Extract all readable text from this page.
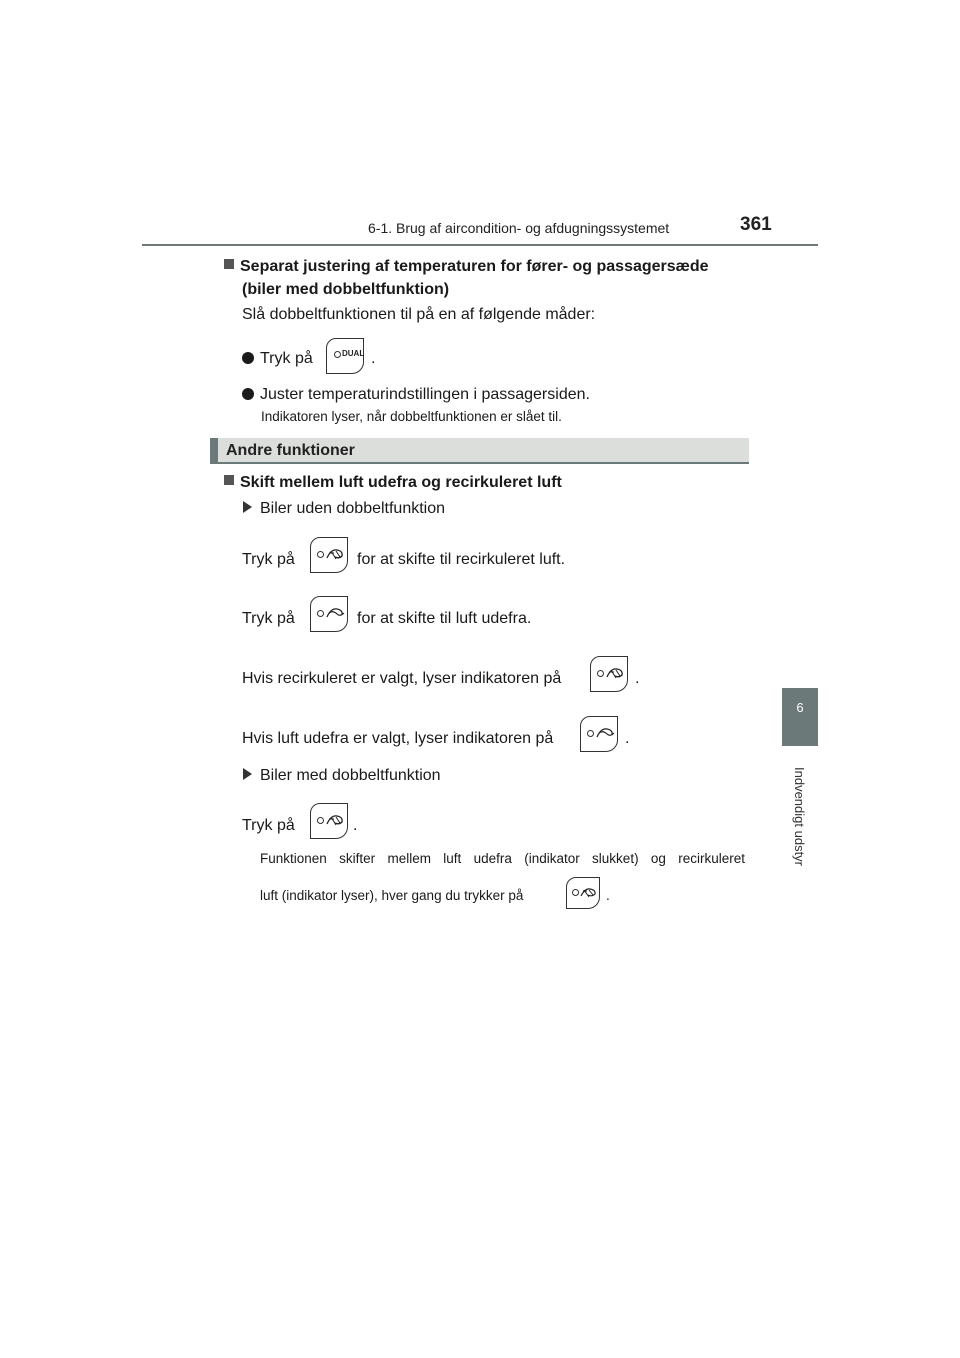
6-1. Brug af aircondition- og afdugningssystemet	361
6
Indvendigt udstyr
Separat justering af temperaturen for fører- og passagersæde
(biler med dobbeltfunktion)
Slå dobbeltfunktionen til på en af følgende måder:
Tryk på	DUAL .
Juster temperaturindstillingen i passagersiden.
Indikatoren lyser, når dobbeltfunktionen er slået til.
Andre funktioner
Skift mellem luft udefra og recirkuleret luft
Biler uden dobbeltfunktion
Tryk på	for at skifte til recirkuleret luft.
Tryk på	for at skifte til luft udefra.
Hvis recirkuleret er valgt, lyser indikatoren på	.
Hvis luft udefra er valgt, lyser indikatoren på	.
Biler med dobbeltfunktion
Tryk på	.
Funktionen skifter mellem luft udefra (indikator slukket) og recirkuleret
luft (indikator lyser), hver gang du trykker på	.
